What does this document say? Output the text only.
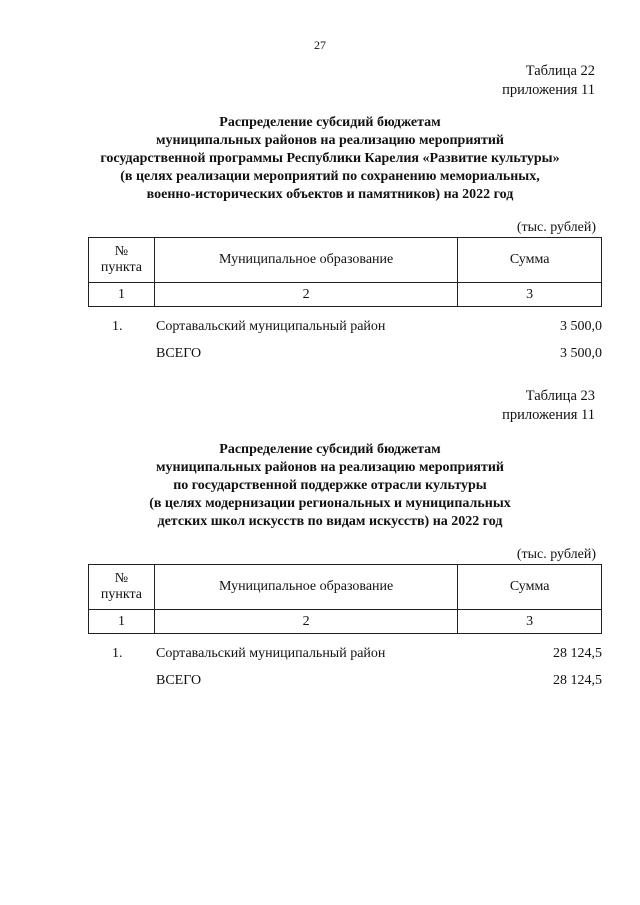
27
Таблица 22
приложения 11
Распределение субсидий бюджетам
муниципальных районов на реализацию мероприятий
государственной программы Республики Карелия «Развитие культуры»
(в целях реализации мероприятий по сохранению мемориальных,
военно-исторических объектов и памятников) на 2022 год
(тыс. рублей)
№
пункта	Муниципальное образование	Сумма
1	2	3
1. Сортавальский муниципальный район	3 500,0
ВСЕГО	3 500,0
Таблица 23
приложения 11
Распределение субсидий бюджетам
муниципальных районов на реализацию мероприятий
по государственной поддержке отрасли культуры
(в целях модернизации региональных и муниципальных
детских школ искусств по видам искусств) на 2022 год
(тыс. рублей)
№
пункта	Муниципальное образование	Сумма
1	2	3
1. Сортавальский муниципальный район	28 124,5
ВСЕГО	28 124,5
